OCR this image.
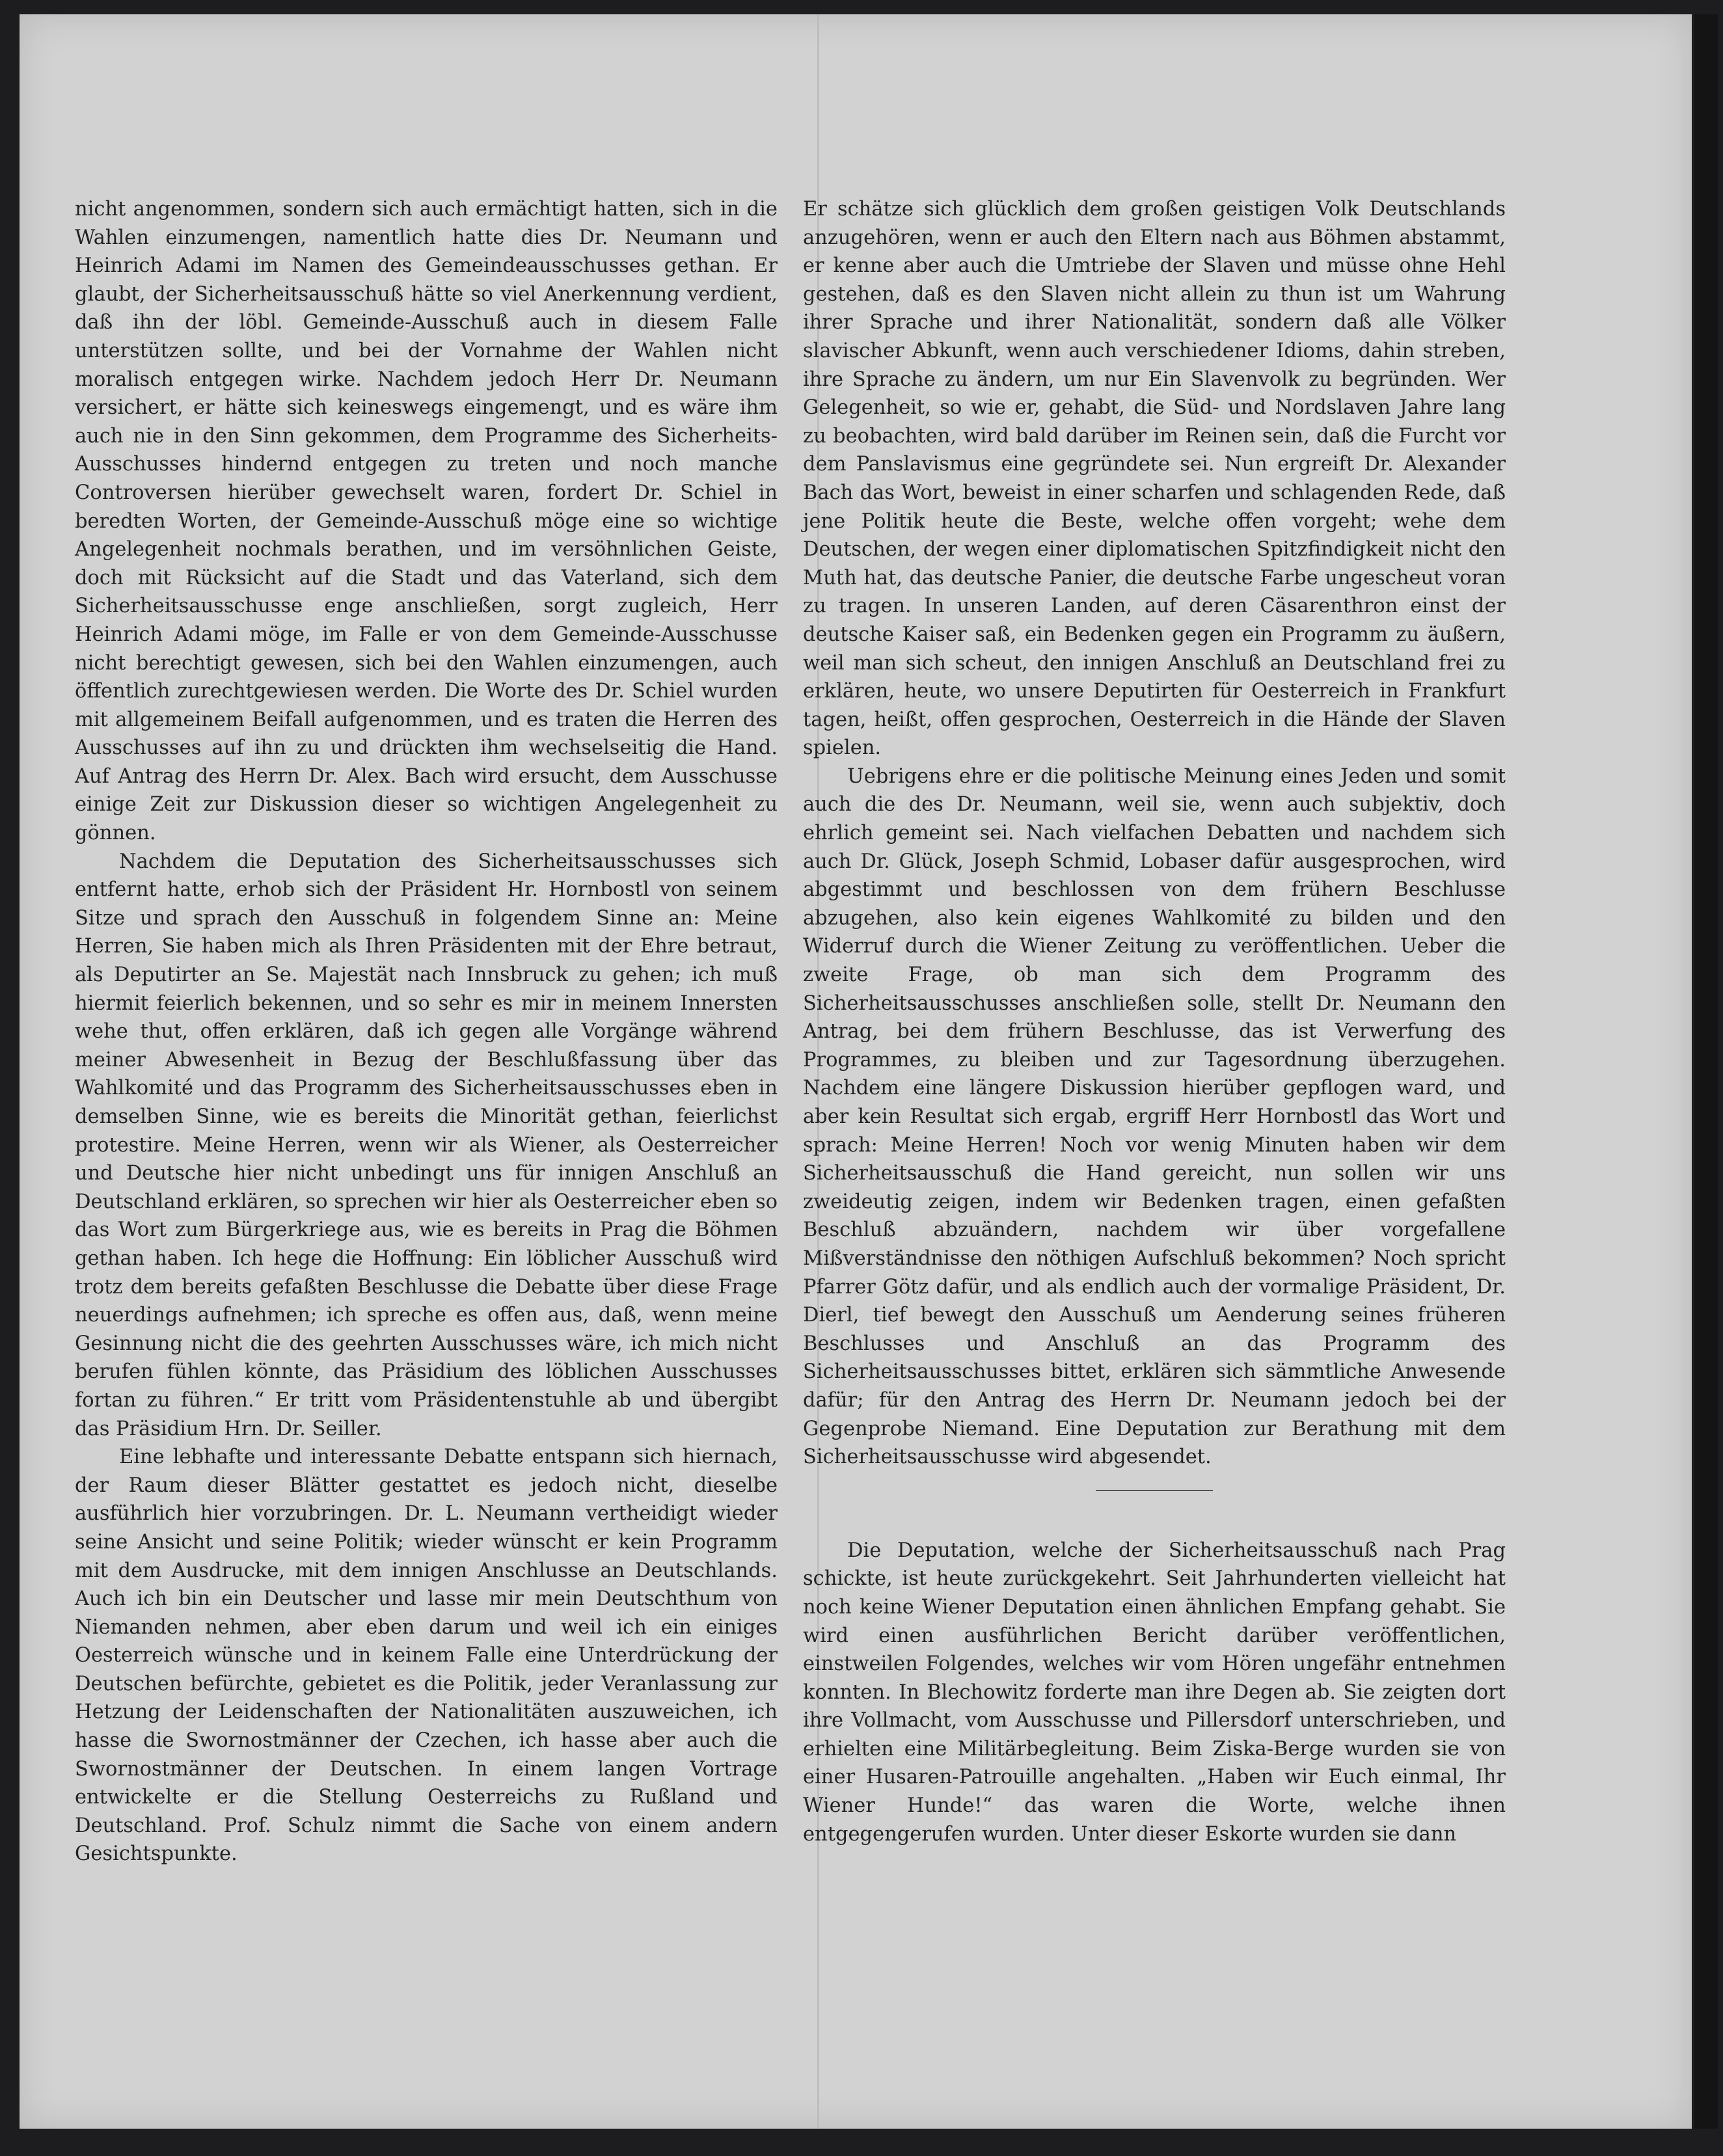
nicht angenommen, sondern sich auch ermächtigt hatten, sich in die Wahlen einzumengen, namentlich hatte dies Dr. Neumann und Heinrich Adami im Namen des Gemeindeausschusses gethan. Er glaubt, der Sicherheitsausschuß hätte so viel Anerkennung verdient, daß ihn der löbl. Gemeinde-Ausschuß auch in diesem Falle unterstützen sollte, und bei der Vornahme der Wahlen nicht moralisch entgegen wirke. Nachdem jedoch Herr Dr. Neumann versichert, er hätte sich keineswegs eingemengt, und es wäre ihm auch nie in den Sinn gekommen, dem Programme des Sicherheits-Ausschusses hindernd entgegen zu treten und noch manche Controversen hierüber gewechselt waren, fordert Dr. Schiel in beredten Worten, der Gemeinde-Ausschuß möge eine so wichtige Angelegenheit nochmals berathen, und im versöhnlichen Geiste, doch mit Rücksicht auf die Stadt und das Vaterland, sich dem Sicherheitsausschusse enge anschließen, sorgt zugleich, Herr Heinrich Adami möge, im Falle er von dem Gemeinde-Ausschusse nicht berechtigt gewesen, sich bei den Wahlen einzumengen, auch öffentlich zurechtgewiesen werden. Die Worte des Dr. Schiel wurden mit allgemeinem Beifall aufgenommen, und es traten die Herren des Ausschusses auf ihn zu und drückten ihm wechselseitig die Hand. Auf Antrag des Herrn Dr. Alex. Bach wird ersucht, dem Ausschusse einige Zeit zur Diskussion dieser so wichtigen Angelegenheit zu gönnen.

Nachdem die Deputation des Sicherheitsausschusses sich entfernt hatte, erhob sich der Präsident Hr. Hornbostl von seinem Sitze und sprach den Ausschuß in folgendem Sinne an: Meine Herren, Sie haben mich als Ihren Präsidenten mit der Ehre betraut, als Deputirter an Se. Majestät nach Innsbruck zu gehen; ich muß hiermit feierlich bekennen, und so sehr es mir in meinem Innersten wehe thut, offen erklären, daß ich gegen alle Vorgänge während meiner Abwesenheit in Bezug der Beschlußfassung über das Wahlkomité und das Programm des Sicherheitsausschusses eben in demselben Sinne, wie es bereits die Minorität gethan, feierlichst protestire. Meine Herren, wenn wir als Wiener, als Oesterreicher und Deutsche hier nicht unbedingt uns für innigen Anschluß an Deutschland erklären, so sprechen wir hier als Oesterreicher eben so das Wort zum Bürgerkriege aus, wie es bereits in Prag die Böhmen gethan haben. Ich hege die Hoffnung: Ein löblicher Ausschuß wird trotz dem bereits gefaßten Beschlusse die Debatte über diese Frage neuerdings aufnehmen; ich spreche es offen aus, daß, wenn meine Gesinnung nicht die des geehrten Ausschusses wäre, ich mich nicht berufen fühlen könnte, das Präsidium des löblichen Ausschusses fortan zu führen.“ Er tritt vom Präsidentenstuhle ab und übergibt das Präsidium Hrn. Dr. Seiller.

Eine lebhafte und interessante Debatte entspann sich hiernach, der Raum dieser Blätter gestattet es jedoch nicht, dieselbe ausführlich hier vorzubringen. Dr. L. Neumann vertheidigt wieder seine Ansicht und seine Politik; wieder wünscht er kein Programm mit dem Ausdrucke, mit dem innigen Anschlusse an Deutschlands. Auch ich bin ein Deutscher und lasse mir mein Deutschthum von Niemanden nehmen, aber eben darum und weil ich ein einiges Oesterreich wünsche und in keinem Falle eine Unterdrückung der Deutschen befürchte, gebietet es die Politik, jeder Veranlassung zur Hetzung der Leidenschaften der Nationalitäten auszuweichen, ich hasse die Swornostmänner der Czechen, ich hasse aber auch die Swornostmänner der Deutschen. In einem langen Vortrage entwickelte er die Stellung Oesterreichs zu Rußland und Deutschland. Prof. Schulz nimmt die Sache von einem andern Gesichtspunkte.

Er schätze sich glücklich dem großen geistigen Volk Deutschlands anzugehören, wenn er auch den Eltern nach aus Böhmen abstammt, er kenne aber auch die Umtriebe der Slaven und müsse ohne Hehl gestehen, daß es den Slaven nicht allein zu thun ist um Wahrung ihrer Sprache und ihrer Nationalität, sondern daß alle Völker slavischer Abkunft, wenn auch verschiedener Idioms, dahin streben, ihre Sprache zu ändern, um nur Ein Slavenvolk zu begründen. Wer Gelegenheit, so wie er, gehabt, die Süd- und Nordslaven Jahre lang zu beobachten, wird bald darüber im Reinen sein, daß die Furcht vor dem Panslavismus eine gegründete sei. Nun ergreift Dr. Alexander Bach das Wort, beweist in einer scharfen und schlagenden Rede, daß jene Politik heute die Beste, welche offen vorgeht; wehe dem Deutschen, der wegen einer diplomatischen Spitzfindigkeit nicht den Muth hat, das deutsche Panier, die deutsche Farbe ungescheut voran zu tragen. In unseren Landen, auf deren Cäsarenthron einst der deutsche Kaiser saß, ein Bedenken gegen ein Programm zu äußern, weil man sich scheut, den innigen Anschluß an Deutschland frei zu erklären, heute, wo unsere Deputirten für Oesterreich in Frankfurt tagen, heißt, offen gesprochen, Oesterreich in die Hände der Slaven spielen.

Uebrigens ehre er die politische Meinung eines Jeden und somit auch die des Dr. Neumann, weil sie, wenn auch subjektiv, doch ehrlich gemeint sei. Nach vielfachen Debatten und nachdem sich auch Dr. Glück, Joseph Schmid, Lobaser dafür ausgesprochen, wird abgestimmt und beschlossen von dem frühern Beschlusse abzugehen, also kein eigenes Wahlkomité zu bilden und den Widerruf durch die Wiener Zeitung zu veröffentlichen. Ueber die zweite Frage, ob man sich dem Programm des Sicherheitsausschusses anschließen solle, stellt Dr. Neumann den Antrag, bei dem frühern Beschlusse, das ist Verwerfung des Programmes, zu bleiben und zur Tagesordnung überzugehen. Nachdem eine längere Diskussion hierüber gepflogen ward, und aber kein Resultat sich ergab, ergriff Herr Hornbostl das Wort und sprach: Meine Herren! Noch vor wenig Minuten haben wir dem Sicherheitsausschuß die Hand gereicht, nun sollen wir uns zweideutig zeigen, indem wir Bedenken tragen, einen gefaßten Beschluß abzuändern, nachdem wir über vorgefallene Mißverständnisse den nöthigen Aufschluß bekommen? Noch spricht Pfarrer Götz dafür, und als endlich auch der vormalige Präsident, Dr. Dierl, tief bewegt den Ausschuß um Aenderung seines früheren Beschlusses und Anschluß an das Programm des Sicherheitsausschusses bittet, erklären sich sämmtliche Anwesende dafür; für den Antrag des Herrn Dr. Neumann jedoch bei der Gegenprobe Niemand. Eine Deputation zur Berathung mit dem Sicherheitsausschusse wird abgesendet.

Die Deputation, welche der Sicherheitsausschuß nach Prag schickte, ist heute zurückgekehrt. Seit Jahrhunderten vielleicht hat noch keine Wiener Deputation einen ähnlichen Empfang gehabt. Sie wird einen ausführlichen Bericht darüber veröffentlichen, einstweilen Folgendes, welches wir vom Hören ungefähr entnehmen konnten. In Blechowitz forderte man ihre Degen ab. Sie zeigten dort ihre Vollmacht, vom Ausschusse und Pillersdorf unterschrieben, und erhielten eine Militärbegleitung. Beim Ziska-Berge wurden sie von einer Husaren-Patrouille angehalten. „Haben wir Euch einmal, Ihr Wiener Hunde!“ das waren die Worte, welche ihnen entgegengerufen wurden. Unter dieser Eskorte wurden sie dann
